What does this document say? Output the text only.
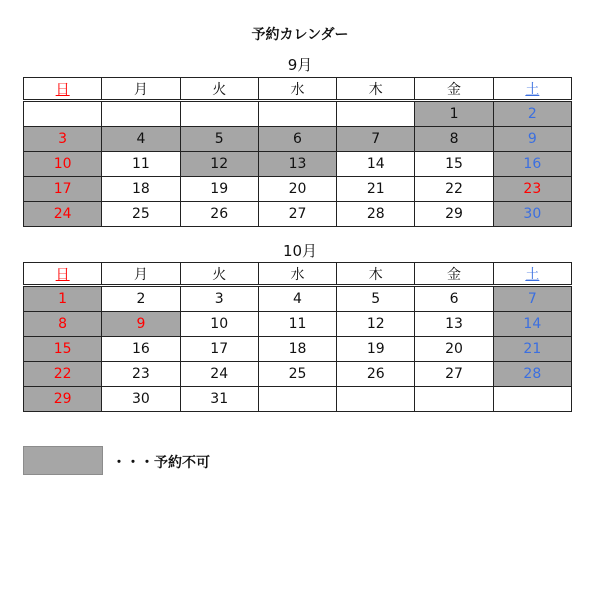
予約カレンダー
9月
日	月	火	水	木	金	土
					1	2
3	4	5	6	7	8	9
10	11	12	13	14	15	16
17	18	19	20	21	22	23
24	25	26	27	28	29	30
10月
日	月	火	水	木	金	土
1	2	3	4	5	6	7
8	9	10	11	12	13	14
15	16	17	18	19	20	21
22	23	24	25	26	27	28
29	30	31				
・・・予約不可
